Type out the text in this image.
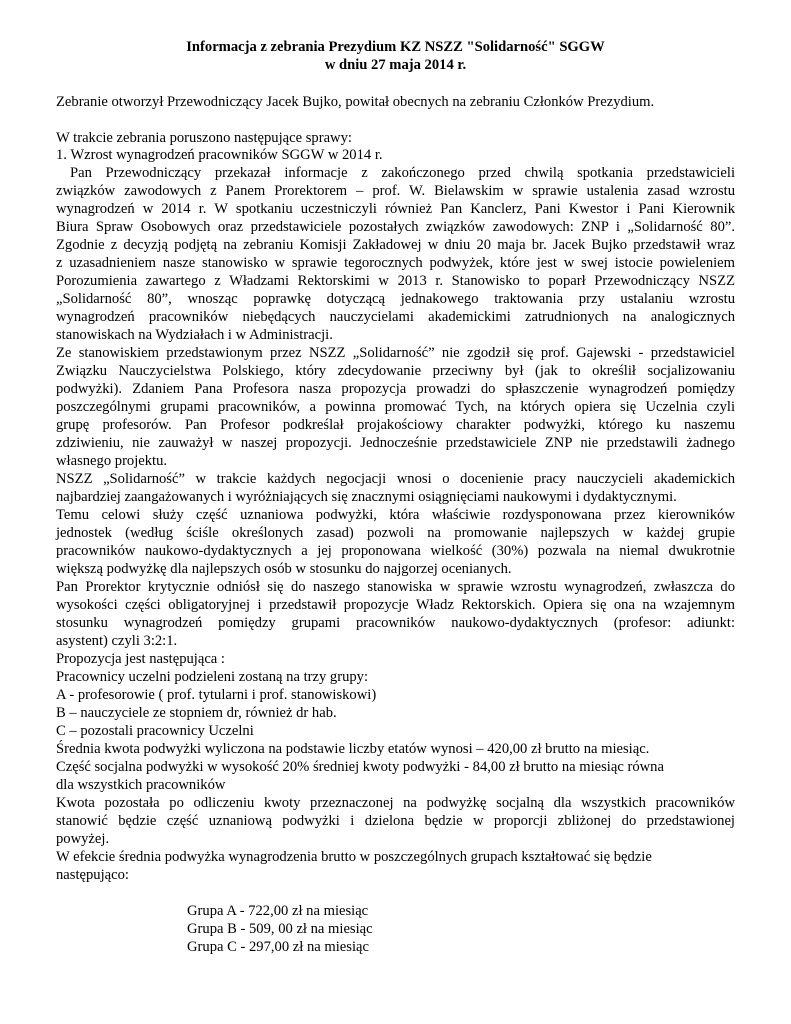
Informacja z zebrania Prezydium KZ NSZZ "Solidarność" SGGW
w dniu 27 maja 2014 r.
Zebranie otworzył Przewodniczący Jacek Bujko, powitał obecnych na zebraniu Członków Prezydium.
W trakcie zebrania poruszono następujące sprawy:
1. Wzrost wynagrodzeń pracowników SGGW w 2014 r.
Pan Przewodniczący przekazał informacje z zakończonego przed chwilą spotkania przedstawicieli
związków zawodowych z Panem Prorektorem – prof. W. Bielawskim w sprawie ustalenia zasad wzrostu
wynagrodzeń w 2014 r. W spotkaniu uczestniczyli również Pan Kanclerz, Pani Kwestor i Pani Kierownik
Biura Spraw Osobowych oraz przedstawiciele pozostałych związków zawodowych: ZNP i „Solidarność 80”.
Zgodnie z decyzją podjętą na zebraniu Komisji Zakładowej w dniu 20 maja br. Jacek Bujko przedstawił wraz
z uzasadnieniem nasze stanowisko w sprawie tegorocznych podwyżek, które jest w swej istocie powieleniem
Porozumienia zawartego z Władzami Rektorskimi w 2013 r. Stanowisko to poparł Przewodniczący NSZZ
„Solidarność 80”, wnosząc poprawkę dotyczącą jednakowego traktowania przy ustalaniu wzrostu
wynagrodzeń pracowników niebędących nauczycielami akademickimi zatrudnionych na analogicznych
stanowiskach na Wydziałach i w Administracji.
Ze stanowiskiem przedstawionym przez NSZZ „Solidarność” nie zgodził się prof. Gajewski - przedstawiciel
Związku Nauczycielstwa Polskiego, który zdecydowanie przeciwny był (jak to określił socjalizowaniu
podwyżki). Zdaniem Pana Profesora nasza propozycja prowadzi do spłaszczenie wynagrodzeń pomiędzy
poszczególnymi grupami pracowników, a powinna promować Tych, na których opiera się Uczelnia czyli
grupę profesorów. Pan Profesor podkreślał projakościowy charakter podwyżki, którego ku naszemu
zdziwieniu, nie zauważył w naszej propozycji. Jednocześnie przedstawiciele ZNP nie przedstawili żadnego
własnego projektu.
NSZZ „Solidarność” w trakcie każdych negocjacji wnosi o docenienie pracy nauczycieli akademickich
najbardziej zaangażowanych i wyróżniających się znacznymi osiągnięciami naukowymi i dydaktycznymi.
Temu celowi służy część uznaniowa podwyżki, która właściwie rozdysponowana przez kierowników
jednostek (według ściśle określonych zasad) pozwoli na promowanie najlepszych w każdej grupie
pracowników naukowo-dydaktycznych a jej proponowana wielkość (30%) pozwala na niemal dwukrotnie
większą podwyżkę dla najlepszych osób w stosunku do najgorzej ocenianych.
Pan Prorektor krytycznie odniósł się do naszego stanowiska w sprawie wzrostu wynagrodzeń, zwłaszcza do
wysokości części obligatoryjnej i przedstawił propozycje Władz Rektorskich. Opiera się ona na wzajemnym
stosunku wynagrodzeń pomiędzy grupami pracowników naukowo-dydaktycznych (profesor: adiunkt:
asystent) czyli 3:2:1.
Propozycja jest następująca :
Pracownicy uczelni podzieleni zostaną na trzy grupy:
A - profesorowie ( prof. tytularni i prof. stanowiskowi)
B – nauczyciele ze stopniem dr, również dr hab.
C – pozostali pracownicy Uczelni
Średnia kwota podwyżki wyliczona na podstawie liczby etatów wynosi – 420,00 zł brutto na miesiąc.
Część socjalna podwyżki w wysokość 20% średniej kwoty podwyżki - 84,00 zł brutto na miesiąc równa
dla wszystkich pracowników
Kwota pozostała po odliczeniu kwoty przeznaczonej na podwyżkę socjalną dla wszystkich pracowników
stanowić będzie część uznaniową podwyżki i dzielona będzie w proporcji zbliżonej do przedstawionej
powyżej.
W efekcie średnia podwyżka wynagrodzenia brutto w poszczególnych grupach kształtować się będzie
następująco:
Grupa A - 722,00 zł na miesiąc
Grupa B - 509, 00 zł na miesiąc
Grupa C - 297,00 zł na miesiąc
